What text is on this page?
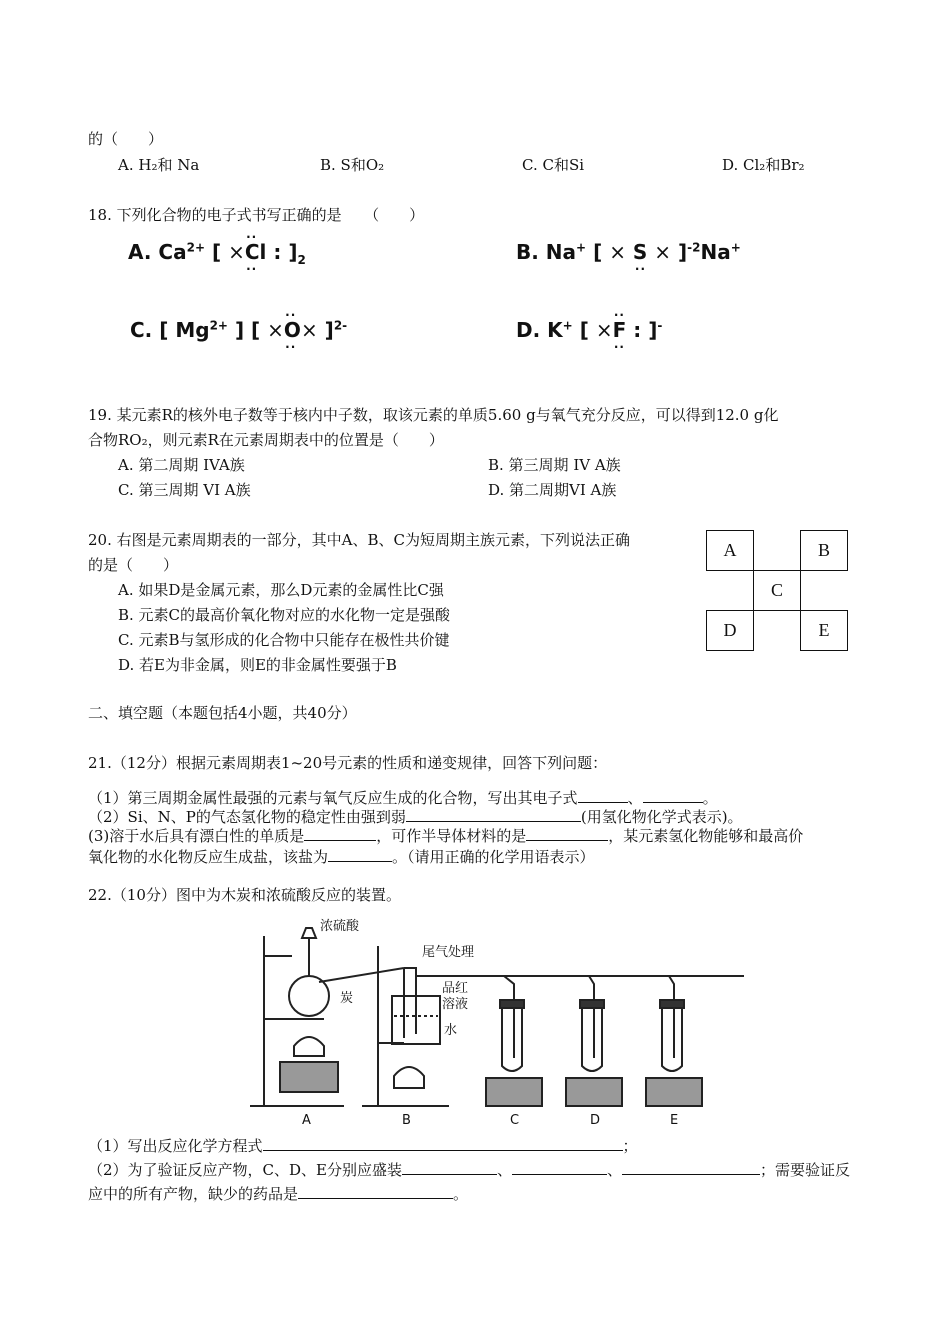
的（　　）
A. H₂和 Na	B. S和O₂	C. C和Si	D. Cl₂和Br₂
18. 下列化合物的电子式书写正确的是　　（　　）
A. $Ca^{2+}$ [
··
×Cl
··
: ]$_2$	B. Na+ [ ×
··
S × ]$^{-2}$Na+
C. [ $Mg^{2+}$ ] [
··
×O×
··
]$^{2-}$	D. K+ [
··
×F
··
: ]-
19. 某元素R的核外电子数等于核内中子数，取该元素的单质5.60 g与氧气充分反应，可以得到12.0 g化
合物RO₂，则元素R在元素周期表中的位置是（　　）
A. 第二周期 IVA族	B. 第三周期 IV A族
C. 第三周期 VI A族	D. 第二周期VI A族
20. 右图是元素周期表的一部分，其中A、B、C为短周期主族元素，下列说法正确
的是（　　）
A. 如果D是金属元素，那么D元素的金属性比C强
B. 元素C的最高价氧化物对应的水化物一定是强酸
C. 元素B与氢形成的化合物中只能存在极性共价键
D. 若E为非金属，则E的非金属性要强于B
A		B
	C	
D		E
二、填空题（本题包括4小题，共40分）
21.（12分）根据元素周期表1~20号元素的性质和递变规律，回答下列问题：
（1）第三周期金属性最强的元素与氧气反应生成的化合物，写出其电子式	、	。
（2）Si、N、P的气态氢化物的稳定性由强到弱	(用氢化物化学式表示)。
(3)溶于水后具有漂白性的单质是	，可作半导体材料的是	，某元素氢化物能够和最高价
氧化物的水化物反应生成盐，该盐为	。（请用正确的化学用语表示）
22.（10分）图中为木炭和浓硫酸反应的装置。
浓硫酸
尾气处理
炭
品红
溶液
水
A	B	C	D	E
（1）写出反应化学方程式	；
（2）为了验证反应产物，C、D、E分别应盛装	、	、	；需要验证反
应中的所有产物，缺少的药品是	。
